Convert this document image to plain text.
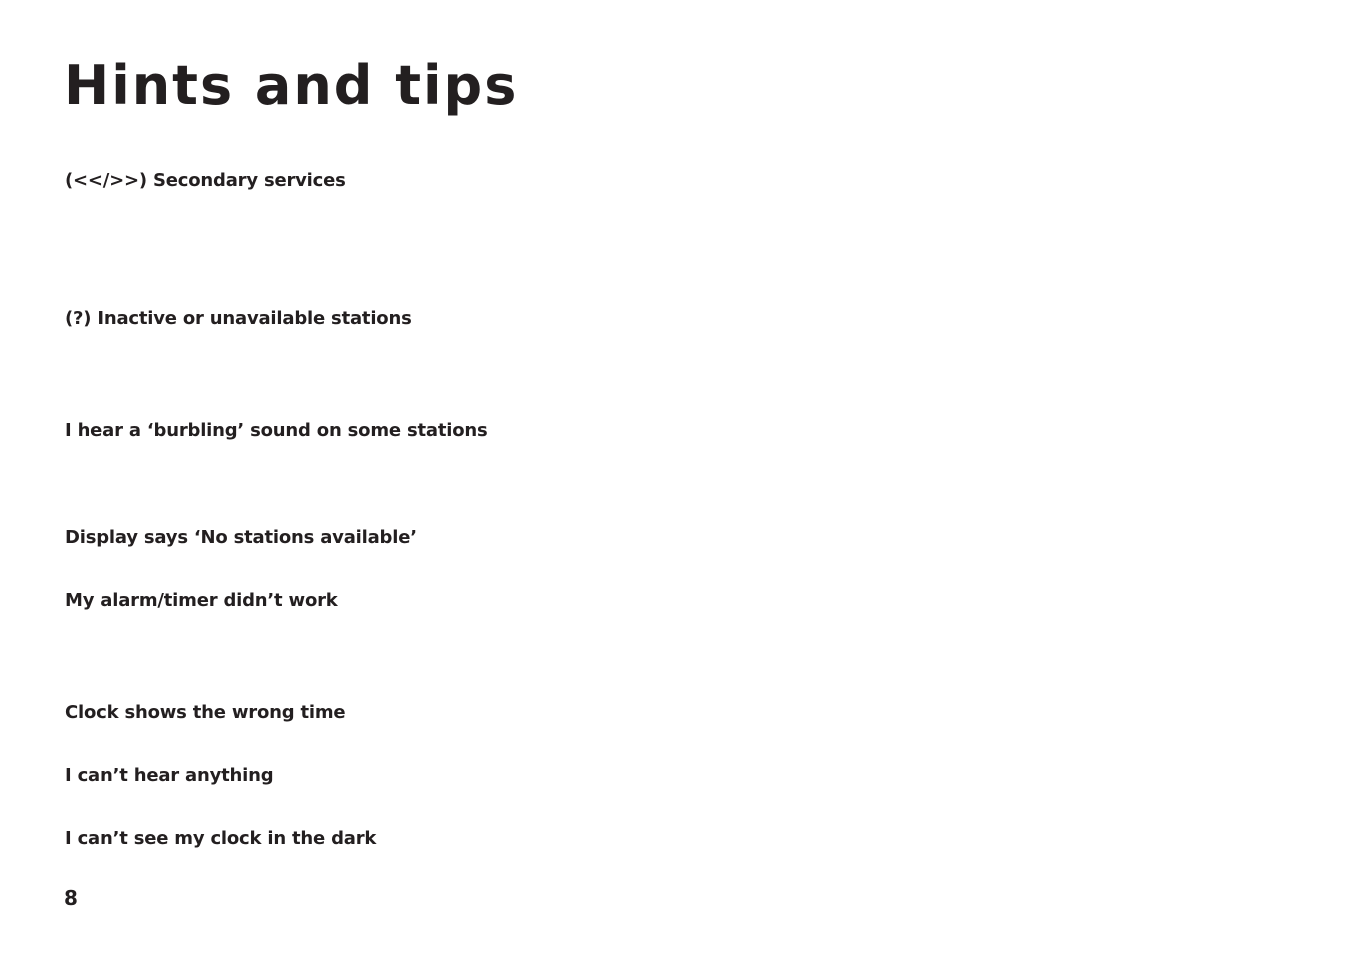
Hints and tips
(<</>>) Secondary services
(?) Inactive or unavailable stations
I hear a ‘burbling’ sound on some stations
Display says ‘No stations available’
My alarm/timer didn’t work
Clock shows the wrong time
I can’t hear anything
I can’t see my clock in the dark
8
